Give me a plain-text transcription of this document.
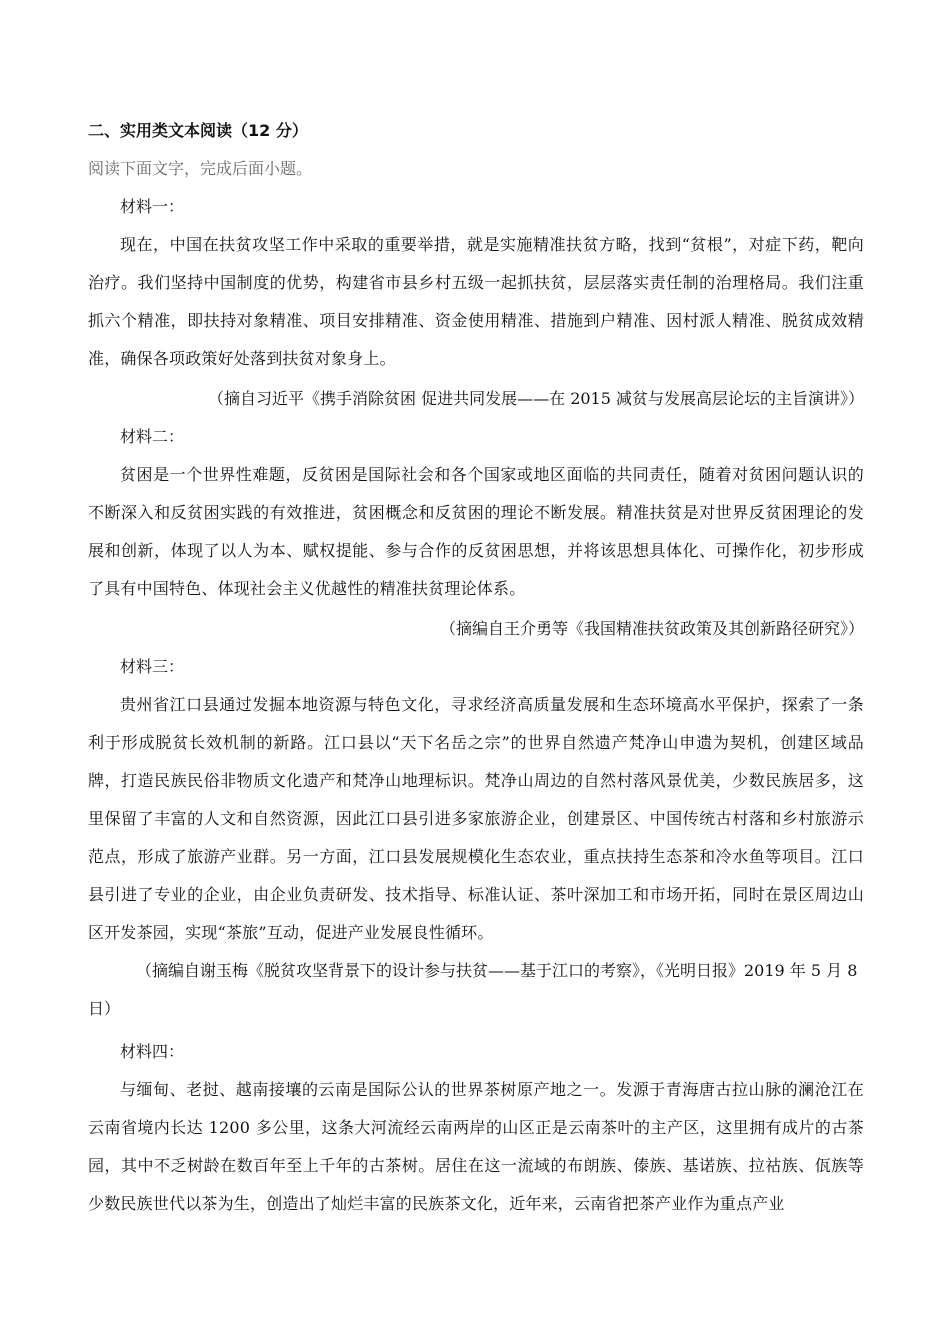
二、实用类文本阅读（12 分）

阅读下面文字，完成后面小题。

材料一：

现在，中国在扶贫攻坚工作中采取的重要举措，就是实施精准扶贫方略，找到“贫根”，对症下药，靶向治疗。我们坚持中国制度的优势，构建省市县乡村五级一起抓扶贫，层层落实责任制的治理格局。我们注重抓六个精准，即扶持对象精准、项目安排精准、资金使用精准、措施到户精准、因村派人精准、脱贫成效精准，确保各项政策好处落到扶贫对象身上。

（摘自习近平《携手消除贫困 促进共同发展——在 2015 减贫与发展高层论坛的主旨演讲》）

材料二：

贫困是一个世界性难题，反贫困是国际社会和各个国家或地区面临的共同责任，随着对贫困问题认识的不断深入和反贫困实践的有效推进，贫困概念和反贫困的理论不断发展。精准扶贫是对世界反贫困理论的发展和创新，体现了以人为本、赋权提能、参与合作的反贫困思想，并将该思想具体化、可操作化，初步形成了具有中国特色、体现社会主义优越性的精准扶贫理论体系。

（摘编自王介勇等《我国精准扶贫政策及其创新路径研究》）

材料三：

贵州省江口县通过发掘本地资源与特色文化，寻求经济高质量发展和生态环境高水平保护，探索了一条利于形成脱贫长效机制的新路。江口县以“天下名岳之宗”的世界自然遗产梵净山申遗为契机，创建区域品牌，打造民族民俗非物质文化遗产和梵净山地理标识。梵净山周边的自然村落风景优美，少数民族居多，这里保留了丰富的人文和自然资源，因此江口县引进多家旅游企业，创建景区、中国传统古村落和乡村旅游示范点，形成了旅游产业群。另一方面，江口县发展规模化生态农业，重点扶持生态茶和冷水鱼等项目。江口县引进了专业的企业，由企业负责研发、技术指导、标准认证、茶叶深加工和市场开拓，同时在景区周边山区开发茶园，实现“茶旅”互动，促进产业发展良性循环。

（摘编自谢玉梅《脱贫攻坚背景下的设计参与扶贫——基于江口的考察》，《光明日报》2019 年 5 月 8 日）

材料四：

与缅甸、老挝、越南接壤的云南是国际公认的世界茶树原产地之一。发源于青海唐古拉山脉的澜沧江在云南省境内长达 1200 多公里，这条大河流经云南两岸的山区正是云南茶叶的主产区，这里拥有成片的古茶园，其中不乏树龄在数百年至上千年的古茶树。居住在这一流域的布朗族、傣族、基诺族、拉祜族、佤族等少数民族世代以茶为生，创造出了灿烂丰富的民族茶文化，近年来，云南省把茶产业作为重点产业
